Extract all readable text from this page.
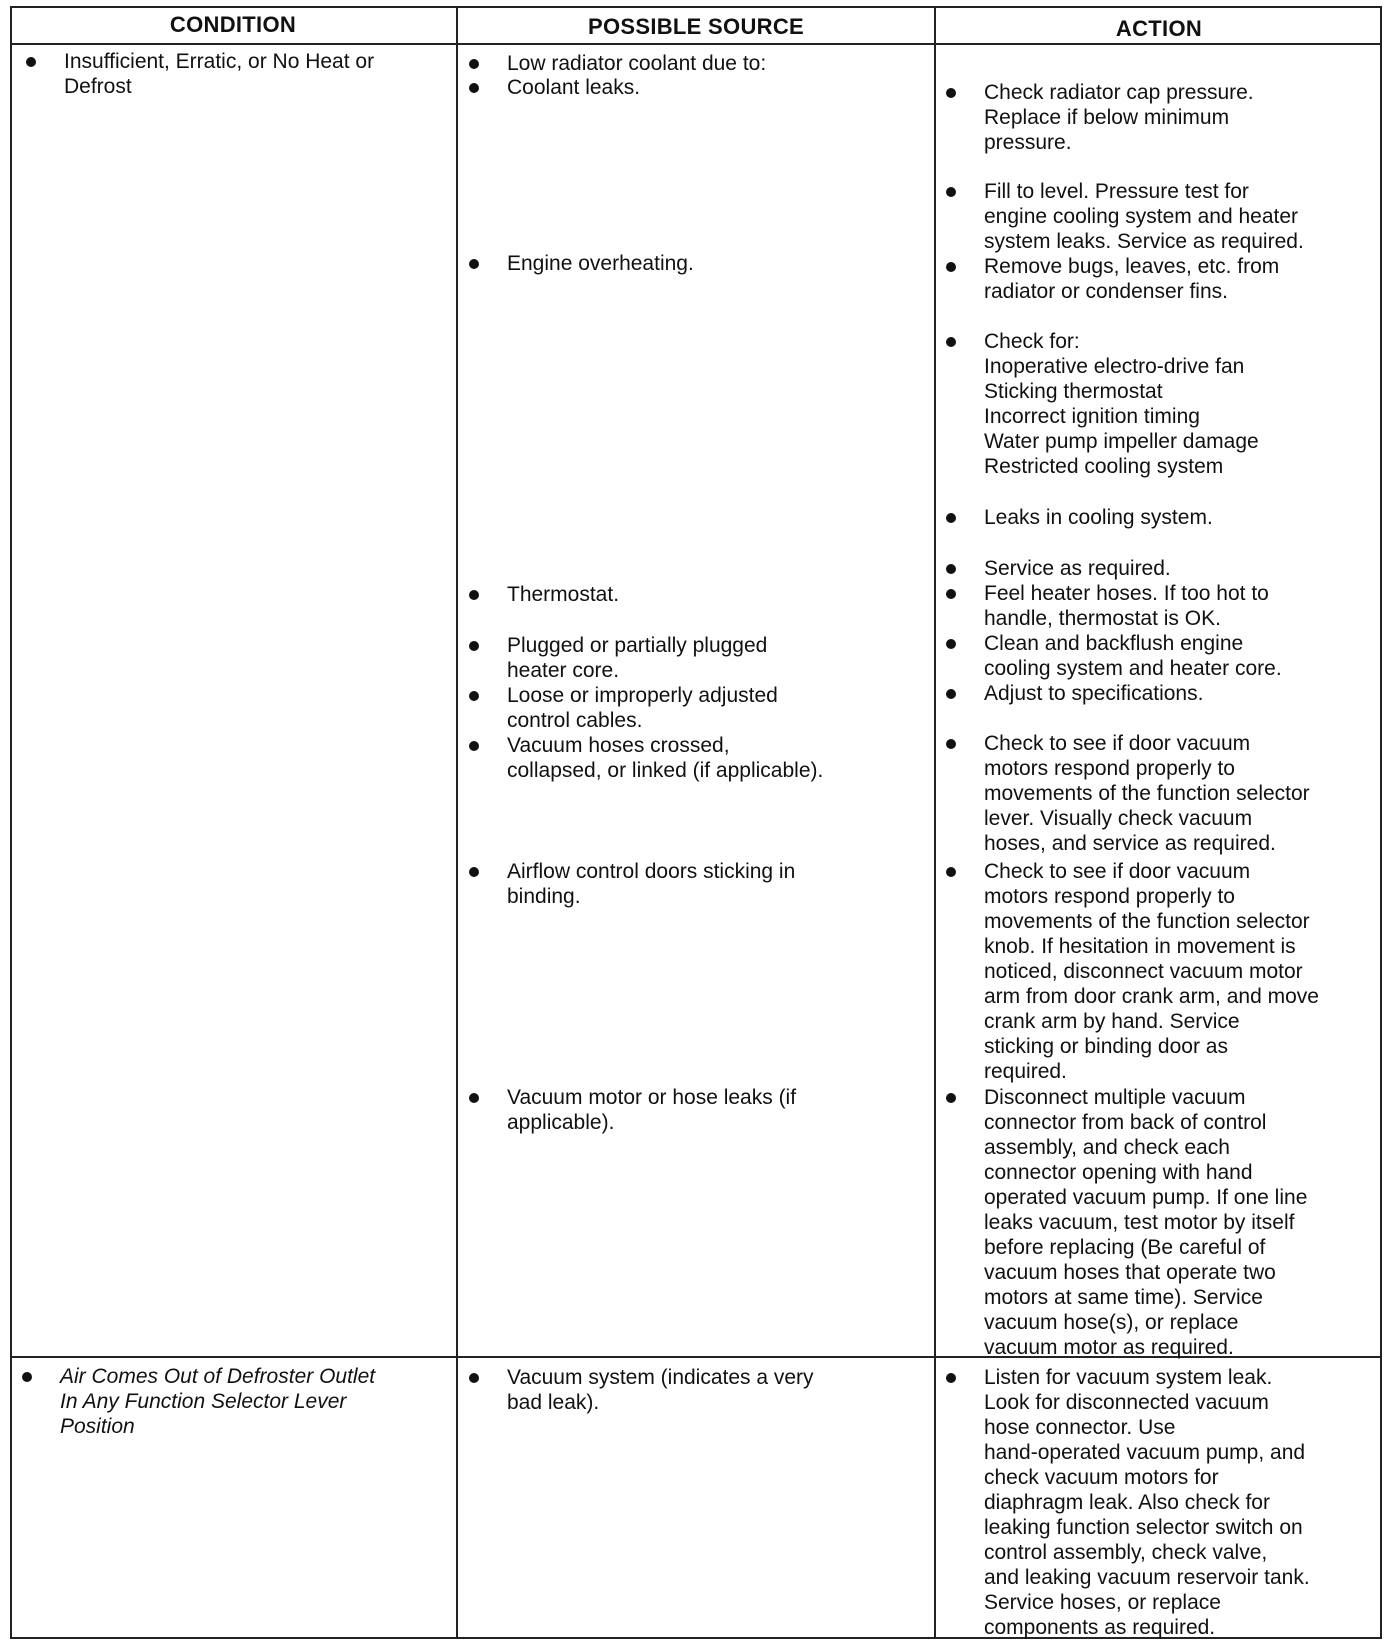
CONDITION	POSSIBLE SOURCE	ACTION

Insufficient, Erratic, or No Heat or
Defrost

Low radiator coolant due to:

Coolant leaks.

Engine overheating.

Thermostat.

Plugged or partially plugged
heater core.

Loose or improperly adjusted
control cables.

Vacuum hoses crossed,
collapsed, or linked (if applicable).

Airflow control doors sticking in
binding.

Vacuum motor or hose leaks (if
applicable).

Check radiator cap pressure.
Replace if below minimum
pressure.

Fill to level. Pressure test for
engine cooling system and heater
system leaks. Service as required.

Remove bugs, leaves, etc. from
radiator or condenser fins.

Check for:
Inoperative electro-drive fan
Sticking thermostat
Incorrect ignition timing
Water pump impeller damage
Restricted cooling system

Leaks in cooling system.

Service as required.

Feel heater hoses. If too hot to
handle, thermostat is OK.

Clean and backflush engine
cooling system and heater core.

Adjust to specifications.

Check to see if door vacuum
motors respond properly to
movements of the function selector
lever. Visually check vacuum
hoses, and service as required.

Check to see if door vacuum
motors respond properly to
movements of the function selector
knob. If hesitation in movement is
noticed, disconnect vacuum motor
arm from door crank arm, and move
crank arm by hand. Service
sticking or binding door as
required.

Disconnect multiple vacuum
connector from back of control
assembly, and check each
connector opening with hand
operated vacuum pump. If one line
leaks vacuum, test motor by itself
before replacing (Be careful of
vacuum hoses that operate two
motors at same time). Service
vacuum hose(s), or replace
vacuum motor as required.

Air Comes Out of Defroster Outlet
In Any Function Selector Lever
Position

Vacuum system (indicates a very
bad leak).

Listen for vacuum system leak.
Look for disconnected vacuum
hose connector. Use
hand-operated vacuum pump, and
check vacuum motors for
diaphragm leak. Also check for
leaking function selector switch on
control assembly, check valve,
and leaking vacuum reservoir tank.
Service hoses, or replace
components as required.
